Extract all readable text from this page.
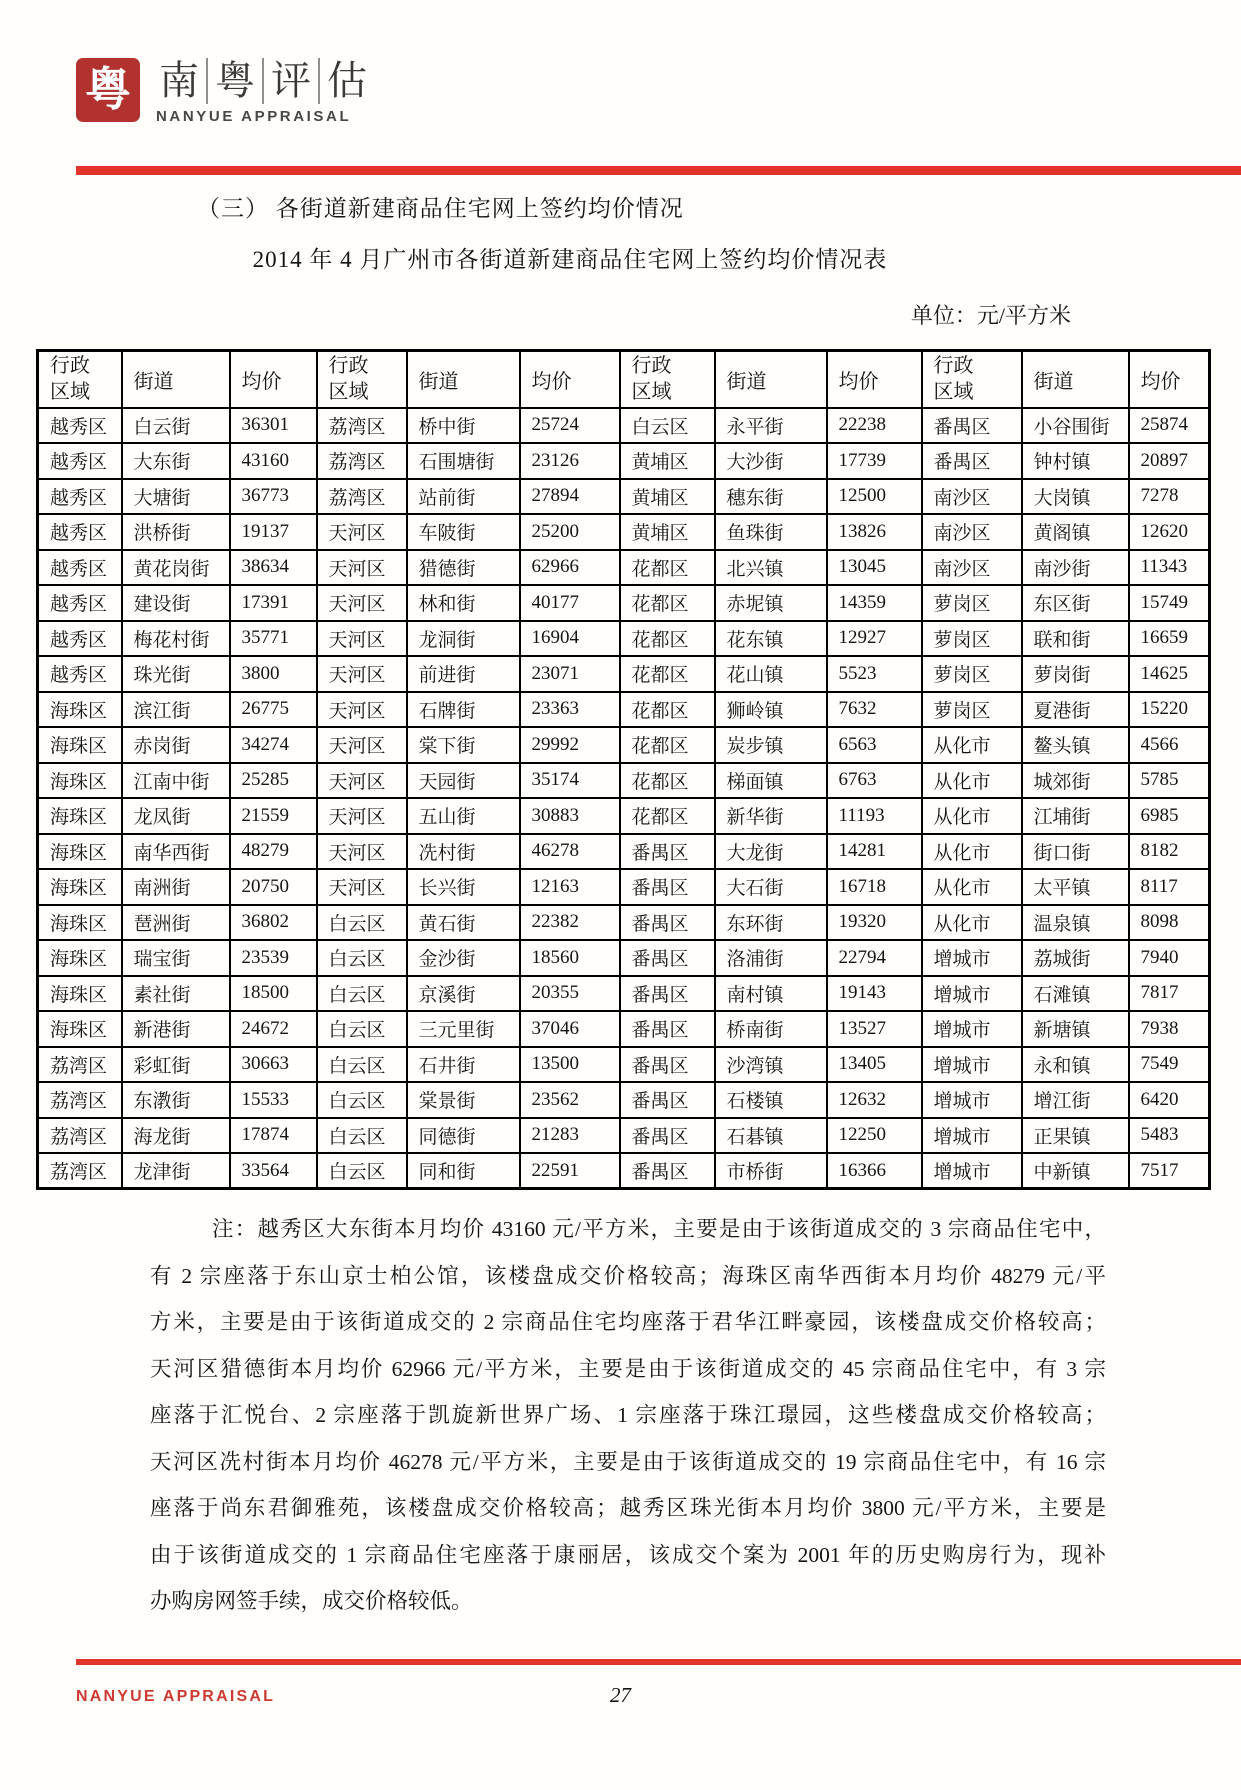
粤 南 粤 评 估
NANYUE APPRAISAL
（三） 各街道新建商品住宅网上签约均价情况
2014 年 4 月广州市各街道新建商品住宅网上签约均价情况表
单位：元/平方米
行政区域	街道	均价	行政区域	街道	均价	行政区域	街道	均价	行政区域	街道	均价
越秀区	白云街	36301	荔湾区	桥中街	25724	白云区	永平街	22238	番禺区	小谷围街	25874
越秀区	大东街	43160	荔湾区	石围塘街	23126	黄埔区	大沙街	17739	番禺区	钟村镇	20897
越秀区	大塘街	36773	荔湾区	站前街	27894	黄埔区	穗东街	12500	南沙区	大岗镇	7278
越秀区	洪桥街	19137	天河区	车陂街	25200	黄埔区	鱼珠街	13826	南沙区	黄阁镇	12620
越秀区	黄花岗街	38634	天河区	猎德街	62966	花都区	北兴镇	13045	南沙区	南沙街	11343
越秀区	建设街	17391	天河区	林和街	40177	花都区	赤坭镇	14359	萝岗区	东区街	15749
越秀区	梅花村街	35771	天河区	龙洞街	16904	花都区	花东镇	12927	萝岗区	联和街	16659
越秀区	珠光街	3800	天河区	前进街	23071	花都区	花山镇	5523	萝岗区	萝岗街	14625
海珠区	滨江街	26775	天河区	石牌街	23363	花都区	狮岭镇	7632	萝岗区	夏港街	15220
海珠区	赤岗街	34274	天河区	棠下街	29992	花都区	炭步镇	6563	从化市	鳌头镇	4566
海珠区	江南中街	25285	天河区	天园街	35174	花都区	梯面镇	6763	从化市	城郊街	5785
海珠区	龙凤街	21559	天河区	五山街	30883	花都区	新华街	11193	从化市	江埔街	6985
海珠区	南华西街	48279	天河区	冼村街	46278	番禺区	大龙街	14281	从化市	街口街	8182
海珠区	南洲街	20750	天河区	长兴街	12163	番禺区	大石街	16718	从化市	太平镇	8117
海珠区	琶洲街	36802	白云区	黄石街	22382	番禺区	东环街	19320	从化市	温泉镇	8098
海珠区	瑞宝街	23539	白云区	金沙街	18560	番禺区	洛浦街	22794	增城市	荔城街	7940
海珠区	素社街	18500	白云区	京溪街	20355	番禺区	南村镇	19143	增城市	石滩镇	7817
海珠区	新港街	24672	白云区	三元里街	37046	番禺区	桥南街	13527	增城市	新塘镇	7938
荔湾区	彩虹街	30663	白云区	石井街	13500	番禺区	沙湾镇	13405	增城市	永和镇	7549
荔湾区	东漖街	15533	白云区	棠景街	23562	番禺区	石楼镇	12632	增城市	增江街	6420
荔湾区	海龙街	17874	白云区	同德街	21283	番禺区	石碁镇	12250	增城市	正果镇	5483
荔湾区	龙津街	33564	白云区	同和街	22591	番禺区	市桥街	16366	增城市	中新镇	7517
注：越秀区大东街本月均价 43160 元/平方米，主要是由于该街道成交的 3 宗商品住宅中，
有 2 宗座落于东山京士柏公馆，该楼盘成交价格较高；海珠区南华西街本月均价 48279 元/平
方米，主要是由于该街道成交的 2 宗商品住宅均座落于君华江畔豪园，该楼盘成交价格较高；
天河区猎德街本月均价 62966 元/平方米，主要是由于该街道成交的 45 宗商品住宅中，有 3 宗
座落于汇悦台、2 宗座落于凯旋新世界广场、1 宗座落于珠江璟园，这些楼盘成交价格较高；
天河区冼村街本月均价 46278 元/平方米，主要是由于该街道成交的 19 宗商品住宅中，有 16 宗
座落于尚东君御雅苑，该楼盘成交价格较高；越秀区珠光街本月均价 3800 元/平方米，主要是
由于该街道成交的 1 宗商品住宅座落于康丽居，该成交个案为 2001 年的历史购房行为，现补
办购房网签手续，成交价格较低。
NANYUE APPRAISAL	27
